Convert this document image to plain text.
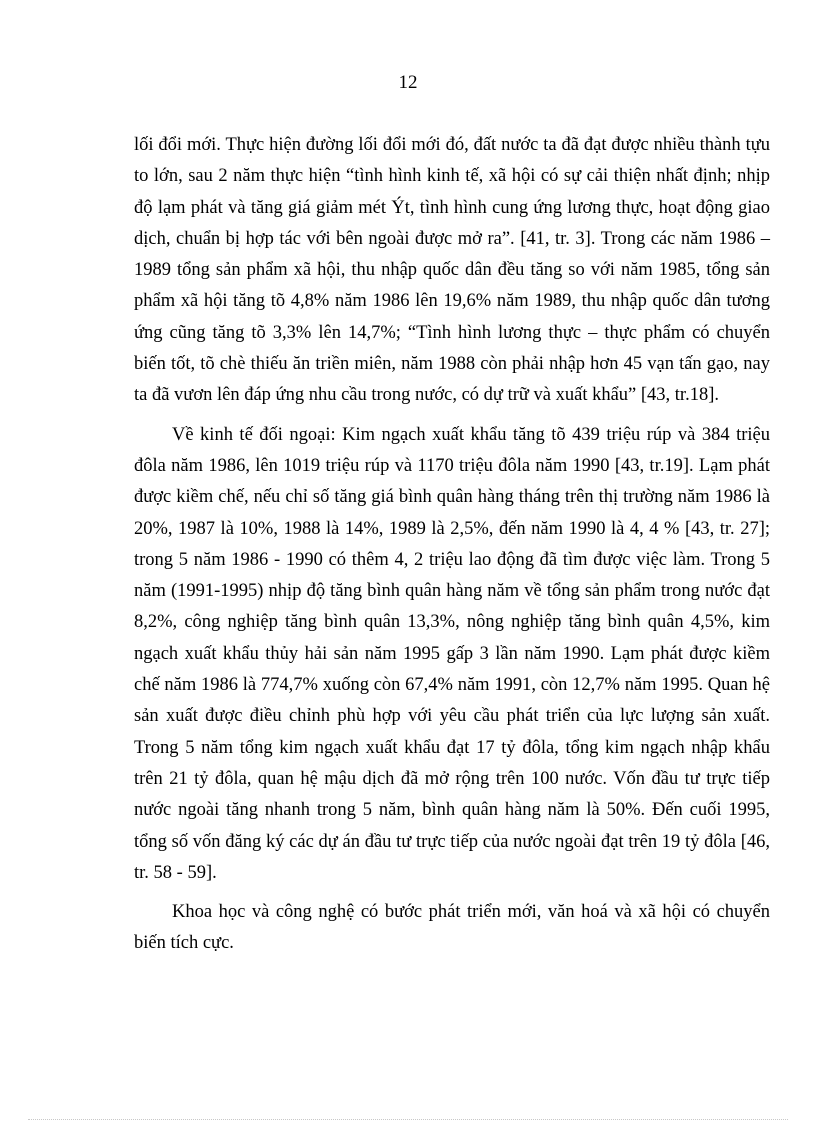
12

lối đổi mới. Thực hiện đường lối đổi mới đó, đất nước ta đã đạt được nhiều thành tựu to lớn, sau 2 năm thực hiện “tình hình kinh tế, xã hội có sự cải thiện nhất định; nhịp độ lạm phát và tăng giá giảm mét Ýt, tình hình cung ứng lương thực, hoạt động giao dịch, chuẩn bị hợp tác với bên ngoài được mở ra”. [41, tr. 3]. Trong các năm 1986 – 1989 tổng sản phẩm xã hội, thu nhập quốc dân đều tăng so với năm 1985, tổng sản phẩm xã hội tăng tõ 4,8% năm 1986 lên 19,6% năm 1989, thu nhập quốc dân tương ứng cũng tăng tõ 3,3% lên 14,7%; “Tình hình lương thực – thực phẩm có chuyển biến tốt, tõ chè thiếu ăn triền miên, năm 1988 còn phải nhập hơn 45 vạn tấn gạo, nay ta đã vươn lên đáp ứng nhu cầu trong nước, có dự trữ và xuất khẩu” [43, tr.18].

Về kinh tế đối ngoại: Kim ngạch xuất khẩu tăng tõ 439 triệu rúp và 384 triệu đôla năm 1986, lên 1019 triệu rúp và 1170 triệu đôla năm 1990 [43, tr.19]. Lạm phát được kiềm chế, nếu chỉ số tăng giá bình quân hàng tháng trên thị trường năm 1986 là 20%, 1987 là 10%, 1988 là 14%, 1989 là 2,5%, đến năm 1990 là 4, 4 % [43, tr. 27]; trong 5 năm 1986 - 1990 có thêm 4, 2 triệu lao động đã tìm được việc làm. Trong 5 năm (1991-1995) nhịp độ tăng bình quân hàng năm về tổng sản phẩm trong nước đạt 8,2%, công nghiệp tăng bình quân 13,3%, nông nghiệp tăng bình quân 4,5%, kim ngạch xuất khẩu thủy hải sản năm 1995 gấp 3 lần năm 1990. Lạm phát được kiềm chế năm 1986 là 774,7% xuống còn 67,4% năm 1991, còn 12,7% năm 1995. Quan hệ sản xuất được điều chỉnh phù hợp với yêu cầu phát triển của lực lượng sản xuất. Trong 5 năm tổng kim ngạch xuất khẩu đạt 17 tỷ đôla, tổng kim ngạch nhập khẩu trên 21 tỷ đôla, quan hệ mậu dịch đã mở rộng trên 100 nước. Vốn đầu tư trực tiếp nước ngoài tăng nhanh trong 5 năm, bình quân hàng năm là 50%. Đến cuối 1995, tổng số vốn đăng ký các dự án đầu tư trực tiếp của nước ngoài đạt trên 19 tỷ đôla [46, tr. 58 - 59].

Khoa học và công nghệ có bước phát triển mới, văn hoá và xã hội có chuyển biến tích cực.
